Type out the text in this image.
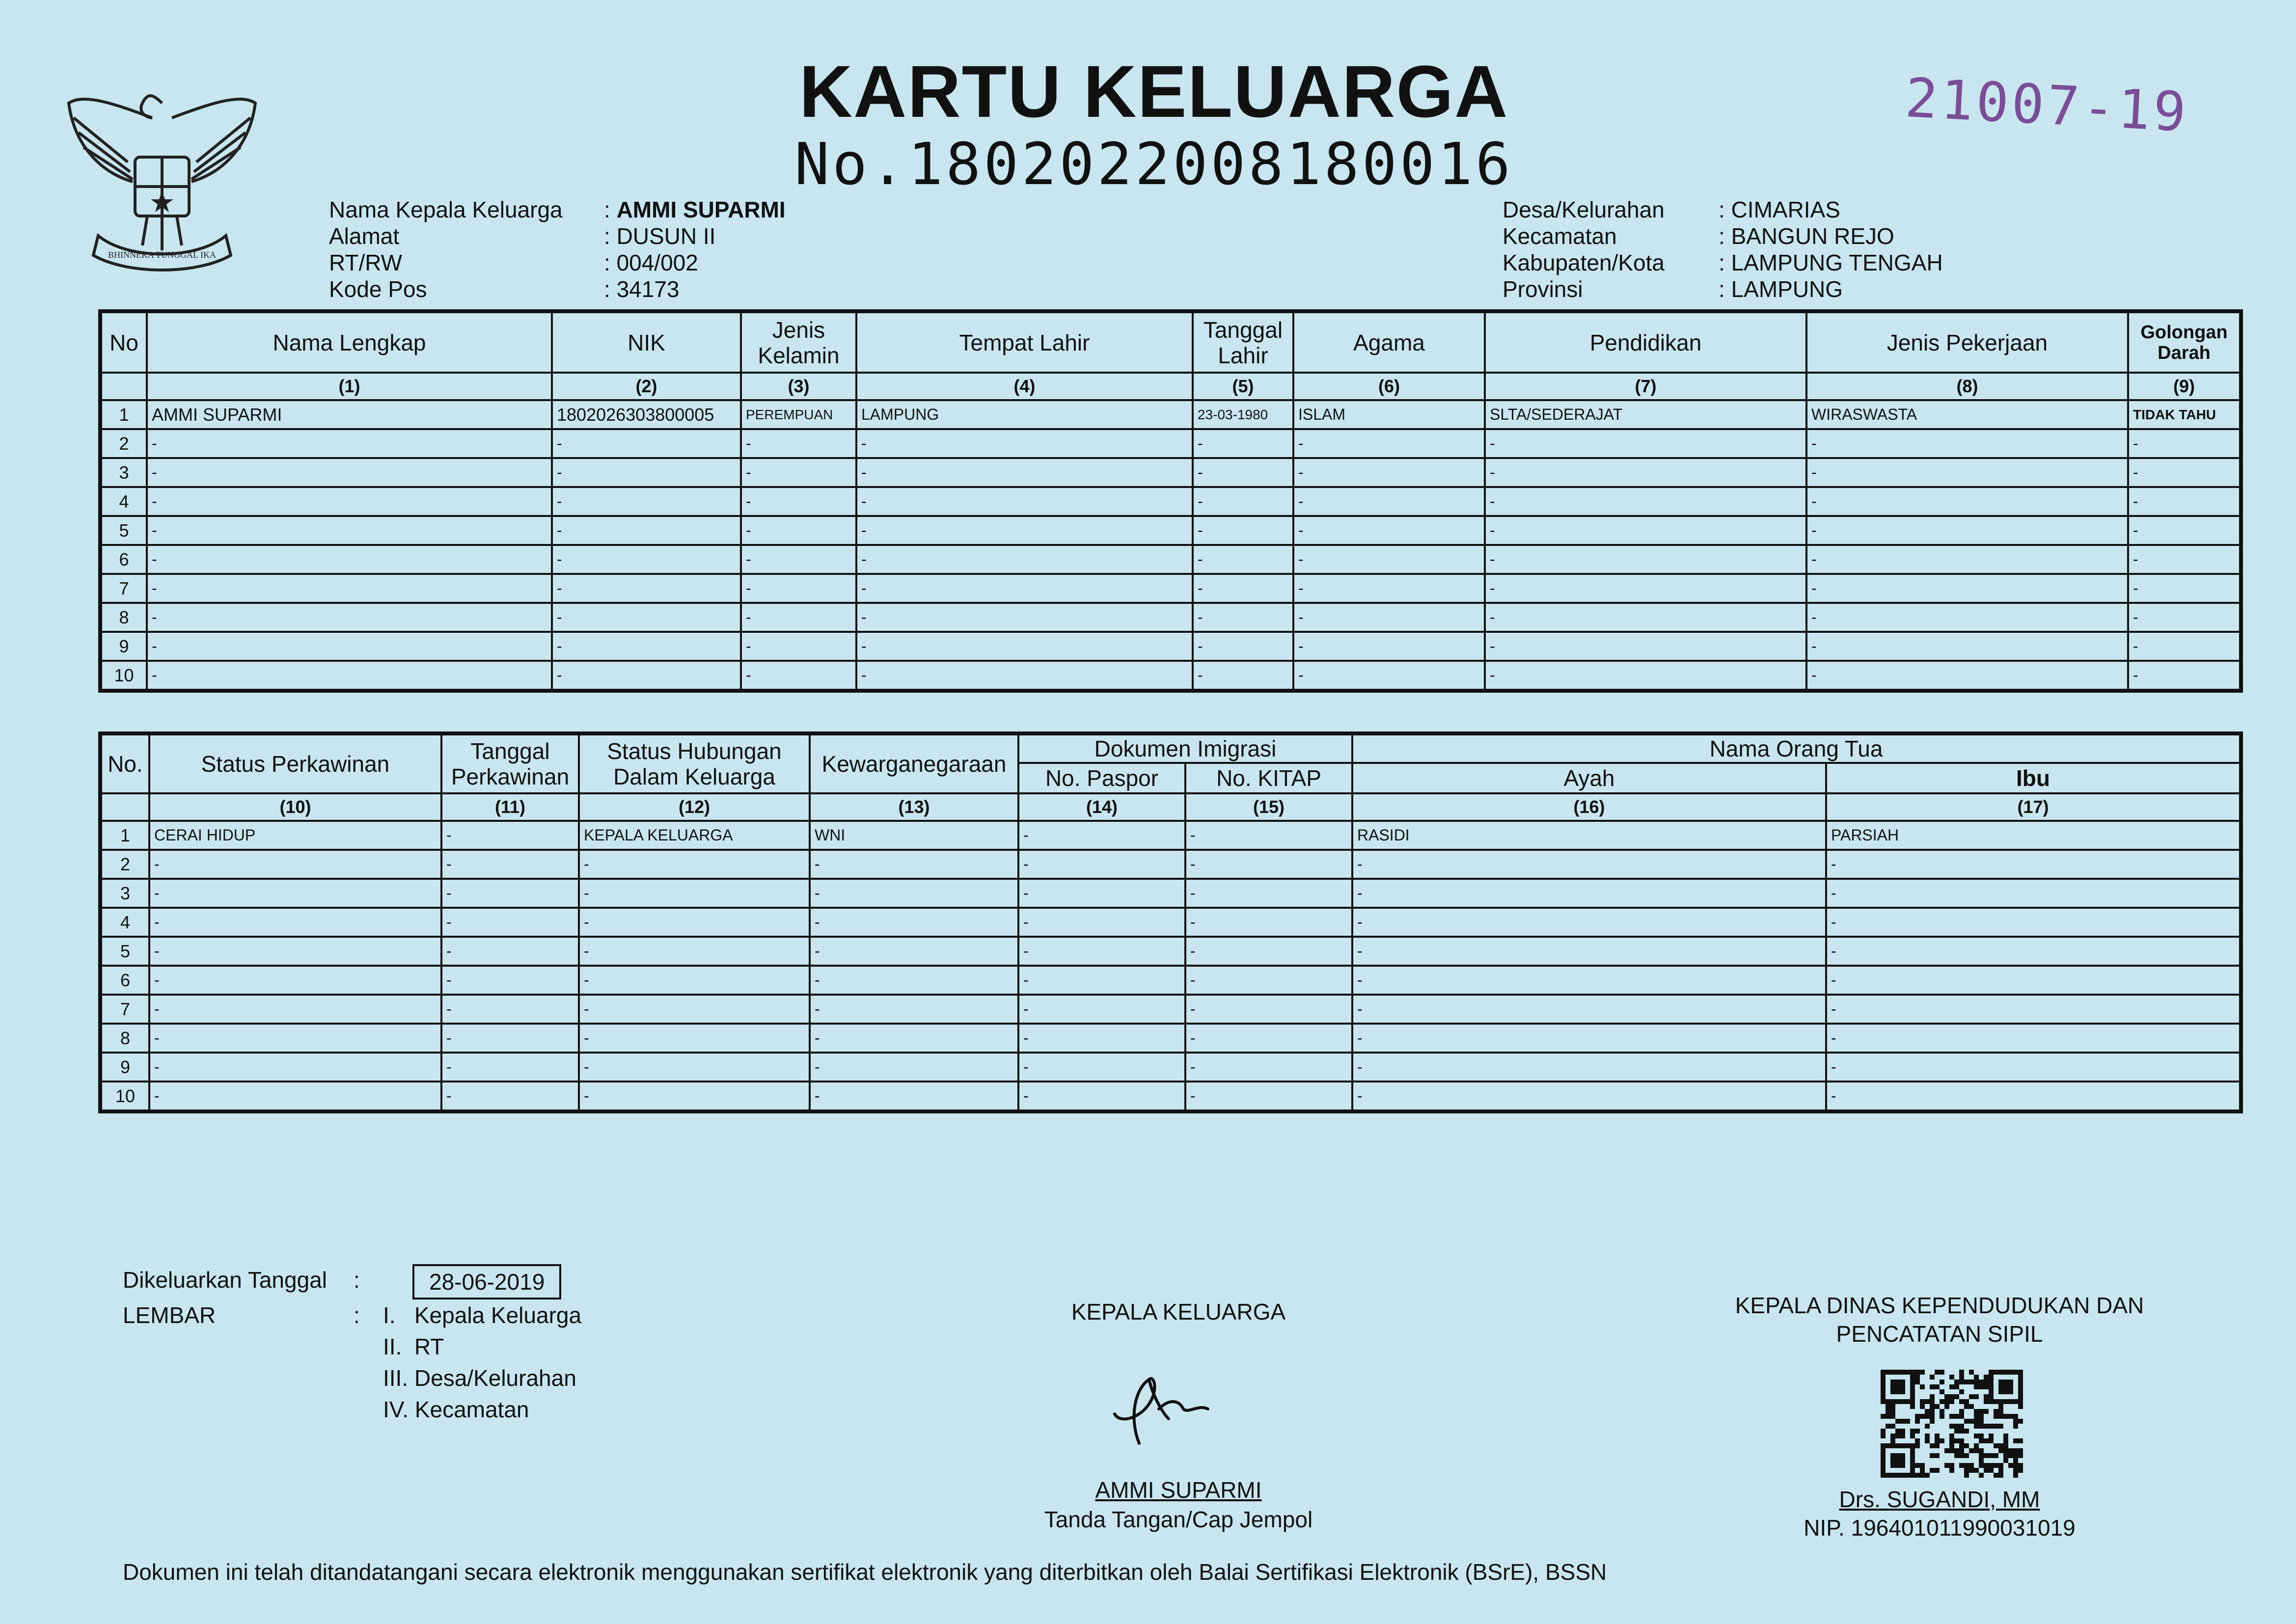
BHINNEKA TUNGGAL IKA
KARTU KELUARGA
No.1802022008180016
21007-19
Nama Kepala Keluarga	: AMMI SUPARMI
Alamat	: DUSUN II
RT/RW	: 004/002
Kode Pos	: 34173
Desa/Kelurahan	: CIMARIAS
Kecamatan	: BANGUN REJO
Kabupaten/Kota	: LAMPUNG TENGAH
Provinsi	: LAMPUNG
No	Nama Lengkap	NIK	Jenis Kelamin	Tempat Lahir	Tanggal Lahir	Agama	Pendidikan	Jenis Pekerjaan	Golongan Darah
	(1)	(2)	(3)	(4)	(5)	(6)	(7)	(8)	(9)
1	AMMI SUPARMI	1802026303800005	PEREMPUAN	LAMPUNG	23-03-1980	ISLAM	SLTA/SEDERAJAT	WIRASWASTA	TIDAK TAHU
2	-	-	-	-	-	-	-	-	-
3	-	-	-	-	-	-	-	-	-
4	-	-	-	-	-	-	-	-	-
5	-	-	-	-	-	-	-	-	-
6	-	-	-	-	-	-	-	-	-
7	-	-	-	-	-	-	-	-	-
8	-	-	-	-	-	-	-	-	-
9	-	-	-	-	-	-	-	-	-
10	-	-	-	-	-	-	-	-	-
No.	Status Perkawinan	Tanggal Perkawinan	Status Hubungan Dalam Keluarga	Kewarganegaraan	Dokumen Imigrasi		Nama Orang Tua	
					No. Paspor	No. KITAP	Ayah	Ibu
	(10)	(11)	(12)	(13)	(14)	(15)	(16)	(17)
1	CERAI HIDUP	-	KEPALA KELUARGA	WNI	-	-	RASIDI	PARSIAH
2	-	-	-	-	-	-	-	-
3	-	-	-	-	-	-	-	-
4	-	-	-	-	-	-	-	-
5	-	-	-	-	-	-	-	-
6	-	-	-	-	-	-	-	-
7	-	-	-	-	-	-	-	-
8	-	-	-	-	-	-	-	-
9	-	-	-	-	-	-	-	-
10	-	-	-	-	-	-	-	-
Dikeluarkan Tanggal	:	28-06-2019
LEMBAR	:	I.   Kepala Keluarga
II.  RT
III. Desa/Kelurahan
IV. Kecamatan
KEPALA KELUARGA
AMMI SUPARMI
Tanda Tangan/Cap Jempol
KEPALA DINAS KEPENDUDUKAN DAN
PENCATATAN SIPIL
Drs. SUGANDI, MM
NIP. 196401011990031019
Dokumen ini telah ditandatangani secara elektronik menggunakan sertifikat elektronik yang diterbitkan oleh Balai Sertifikasi Elektronik (BSrE), BSSN
